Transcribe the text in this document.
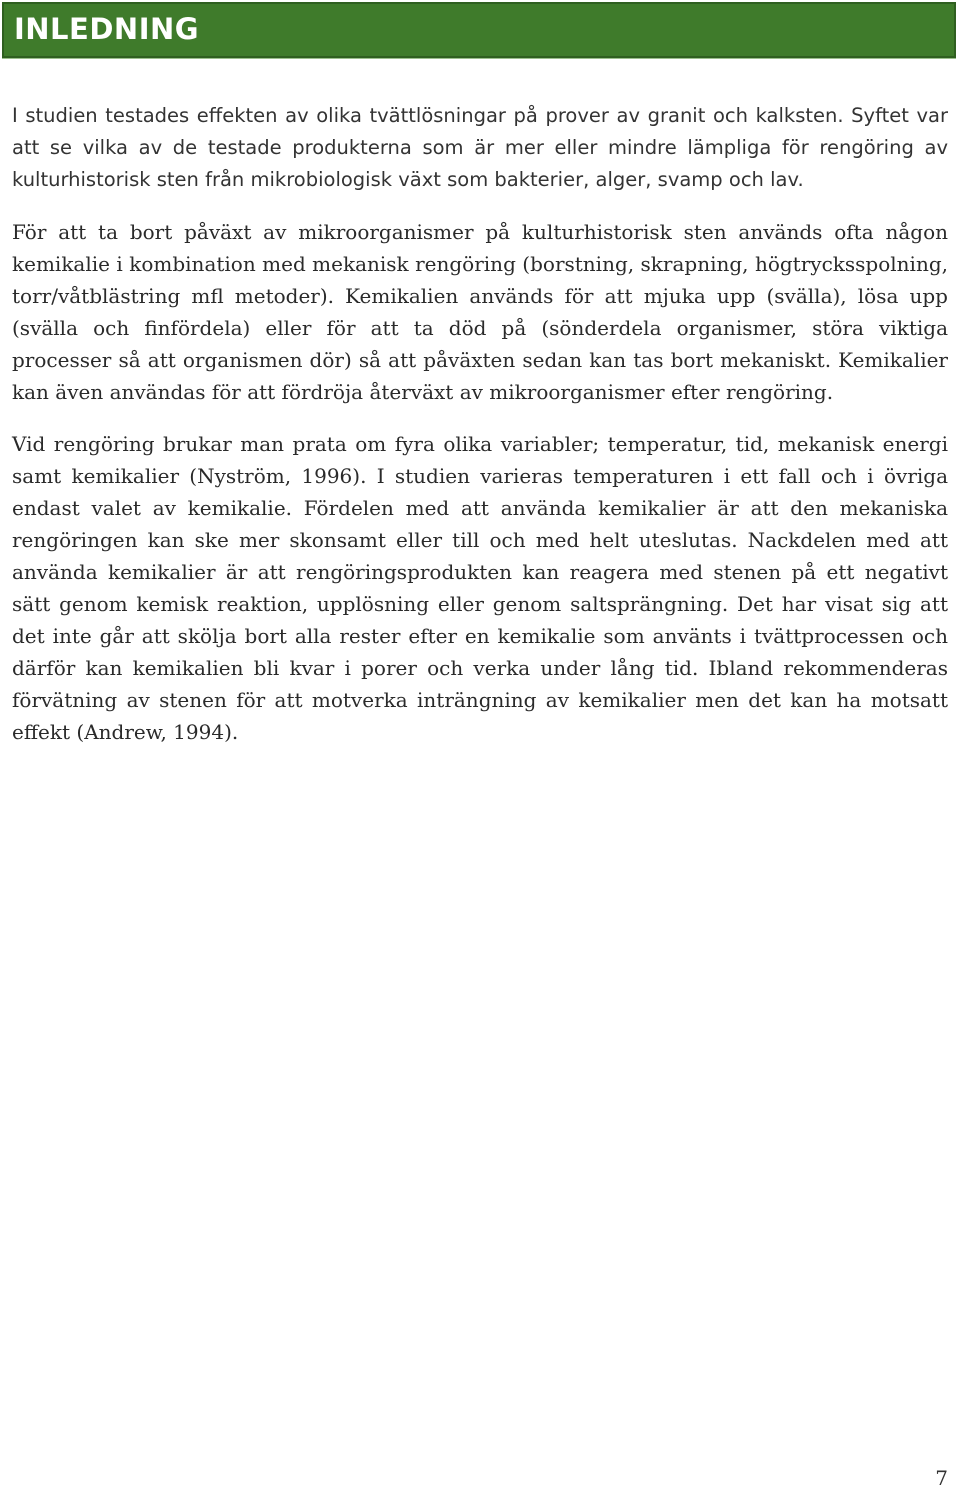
INLEDNING

I studien testades effekten av olika tvättlösningar på prover av granit och kalksten. Syftet var att se vilka av de testade produkterna som är mer eller mindre lämpliga för rengöring av kulturhistorisk sten från mikrobiologisk växt som bakterier, alger, svamp och lav.

För att ta bort påväxt av mikroorganismer på kulturhistorisk sten används ofta någon kemikalie i kombination med mekanisk rengöring (borstning, skrapning, högtrycksspolning, torr/våtblästring mfl metoder). Kemikalien används för att mjuka upp (svälla), lösa upp (svälla och finfördela) eller för att ta död på (sönderdela organismer, störa viktiga processer så att organismen dör) så att påväxten sedan kan tas bort mekaniskt. Kemikalier kan även användas för att fördröja återväxt av mikroorganismer efter rengöring.

Vid rengöring brukar man prata om fyra olika variabler; temperatur, tid, mekanisk energi samt kemikalier (Nyström, 1996). I studien varieras temperaturen i ett fall och i övriga endast valet av kemikalie. Fördelen med att använda kemikalier är att den mekaniska rengöringen kan ske mer skonsamt eller till och med helt uteslutas. Nackdelen med att använda kemikalier är att rengöringsprodukten kan reagera med stenen på ett negativt sätt genom kemisk reaktion, upplösning eller genom saltsprängning. Det har visat sig att det inte går att skölja bort alla rester efter en kemikalie som använts i tvättprocessen och därför kan kemikalien bli kvar i porer och verka under lång tid. Ibland rekommenderas förvätning av stenen för att motverka inträngning av kemikalier men det kan ha motsatt effekt (Andrew, 1994).

7
